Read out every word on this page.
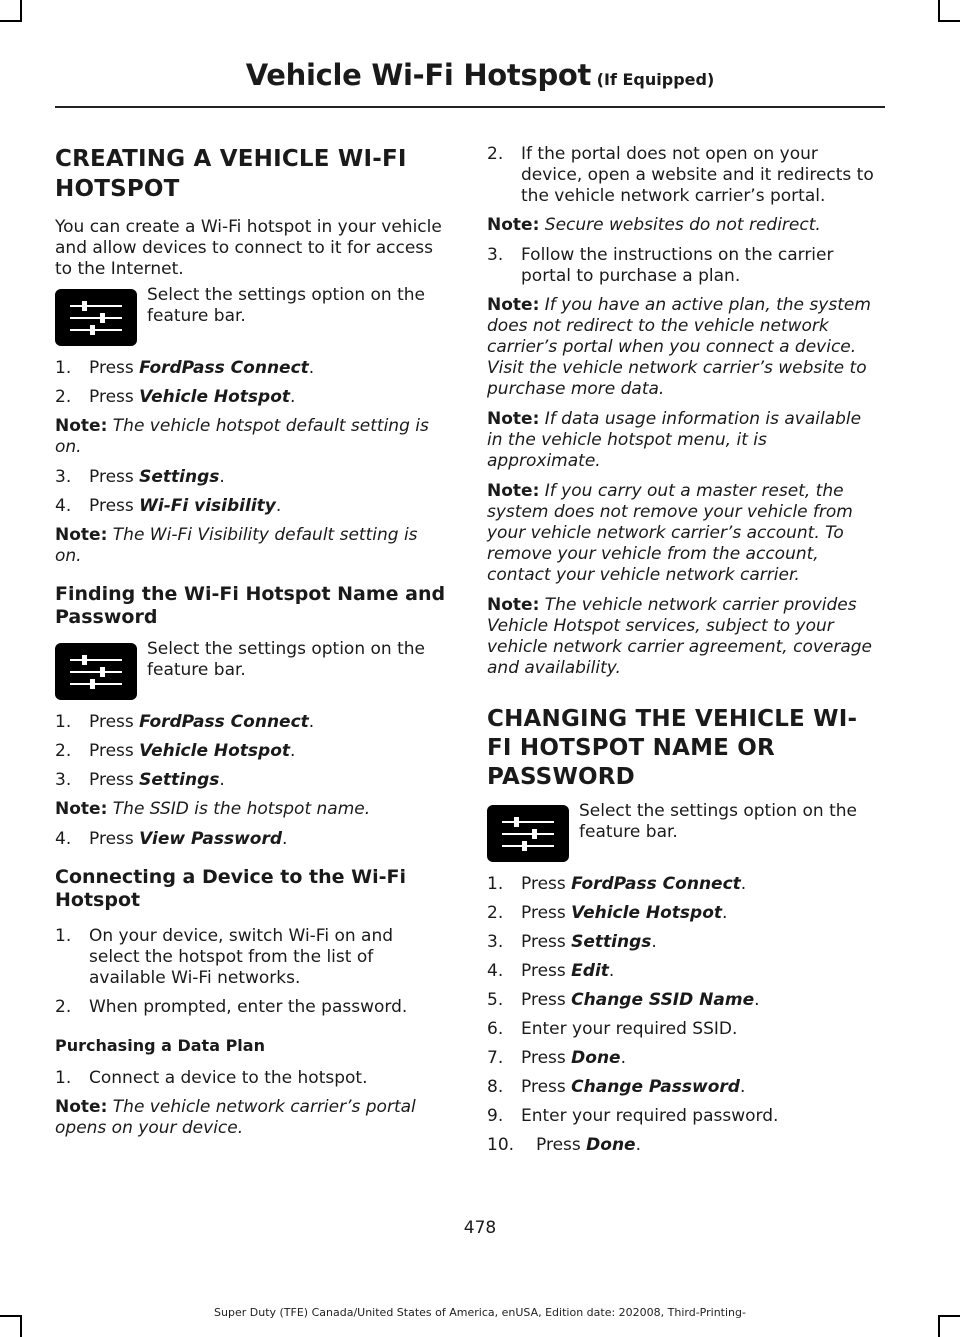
Vehicle Wi-Fi Hotspot (If Equipped)
CREATING A VEHICLE WI-FI HOTSPOT
You can create a Wi-Fi hotspot in your vehicle and allow devices to connect to it for access to the Internet.
Select the settings option on the feature bar.
1.	Press FordPass Connect.
2.	Press Vehicle Hotspot.
Note: The vehicle hotspot default setting is on.
3.	Press Settings.
4.	Press Wi-Fi visibility.
Note: The Wi-Fi Visibility default setting is on.
Finding the Wi-Fi Hotspot Name and Password
Select the settings option on the feature bar.
1.	Press FordPass Connect.
2.	Press Vehicle Hotspot.
3.	Press Settings.
Note: The SSID is the hotspot name.
4.	Press View Password.
Connecting a Device to the Wi-Fi Hotspot
1.	On your device, switch Wi-Fi on and select the hotspot from the list of available Wi-Fi networks.
2.	When prompted, enter the password.
Purchasing a Data Plan
1.	Connect a device to the hotspot.
Note: The vehicle network carrier’s portal opens on your device.
2.	If the portal does not open on your device, open a website and it redirects to the vehicle network carrier’s portal.
Note: Secure websites do not redirect.
3.	Follow the instructions on the carrier portal to purchase a plan.
Note: If you have an active plan, the system does not redirect to the vehicle network carrier’s portal when you connect a device. Visit the vehicle network carrier’s website to purchase more data.
Note: If data usage information is available in the vehicle hotspot menu, it is approximate.
Note: If you carry out a master reset, the system does not remove your vehicle from your vehicle network carrier’s account. To remove your vehicle from the account, contact your vehicle network carrier.
Note: The vehicle network carrier provides Vehicle Hotspot services, subject to your vehicle network carrier agreement, coverage and availability.
CHANGING THE VEHICLE WI-FI HOTSPOT NAME OR PASSWORD
Select the settings option on the feature bar.
1.	Press FordPass Connect.
2.	Press Vehicle Hotspot.
3.	Press Settings.
4.	Press Edit.
5.	Press Change SSID Name.
6.	Enter your required SSID.
7.	Press Done.
8.	Press Change Password.
9.	Enter your required password.
10.	Press Done.
478
Super Duty (TFE) Canada/United States of America, enUSA, Edition date: 202008, Third-Printing-
